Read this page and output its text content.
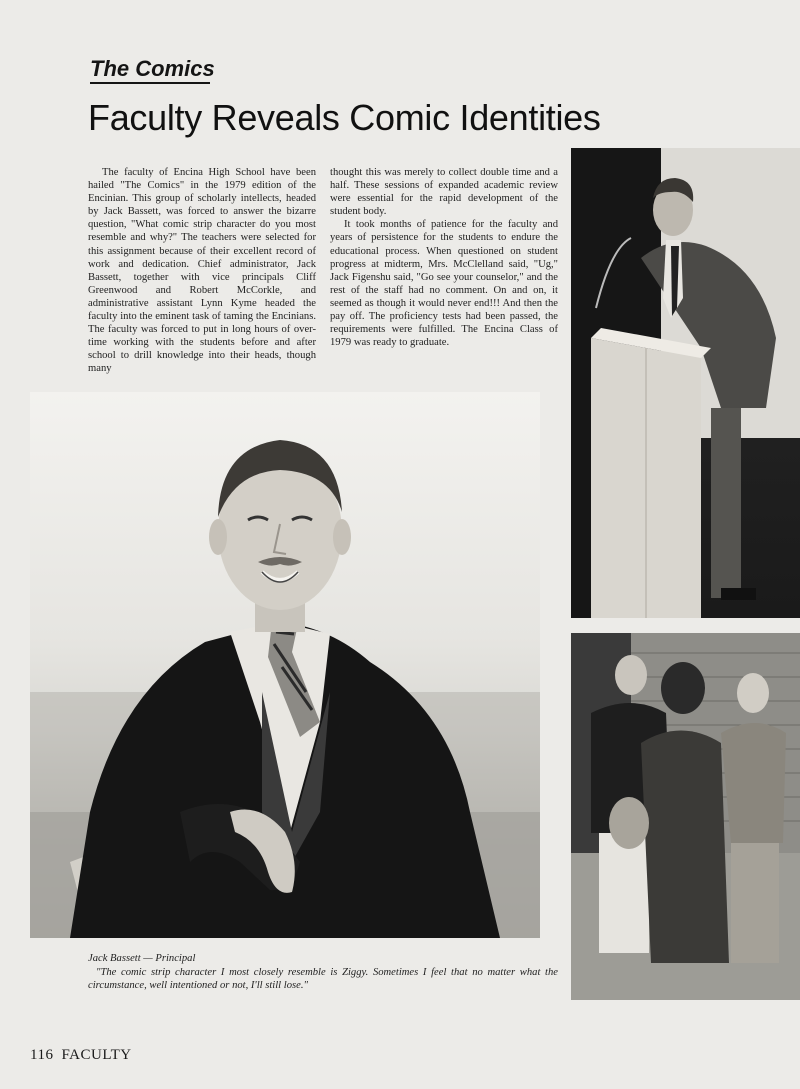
The Comics
Faculty Reveals Comic Identities

The faculty of Encina High School have been hailed "The Comics" in the 1979 edition of the Encinian. This group of scholarly intellects, headed by Jack Bassett, was forced to answer the bizarre question, "What comic strip character do you most resemble and why?" The teachers were selected for this assignment because of their excellent record of work and dedication. Chief administrator, Jack Bassett, together with vice principals Cliff Greenwood and Robert McCorkle, and administrative assistant Lynn Kyme headed the faculty into the eminent task of taming the Encinians. The faculty was forced to put in long hours of over-time working with the students before and after school to drill knowledge into their heads, though many

thought this was merely to collect double time and a half. These sessions of expanded academic review were essential for the rapid development of the student body.

It took months of patience for the faculty and years of persistence for the students to endure the educational process. When questioned on student progress at midterm, Mrs. McClelland said, "Ug," Jack Figenshu said, "Go see your counselor," and the rest of the staff had no comment. On and on, it seemed as though it would never end!!! And then the pay off. The proficiency tests had been passed, the requirements were fulfilled. The Encina Class of 1979 was ready to graduate.

Jack Bassett — Principal
"The comic strip character I most closely resemble is Ziggy. Sometimes I feel that no matter what the circumstance, well intentioned or not, I'll still lose."
116 FACULTY
